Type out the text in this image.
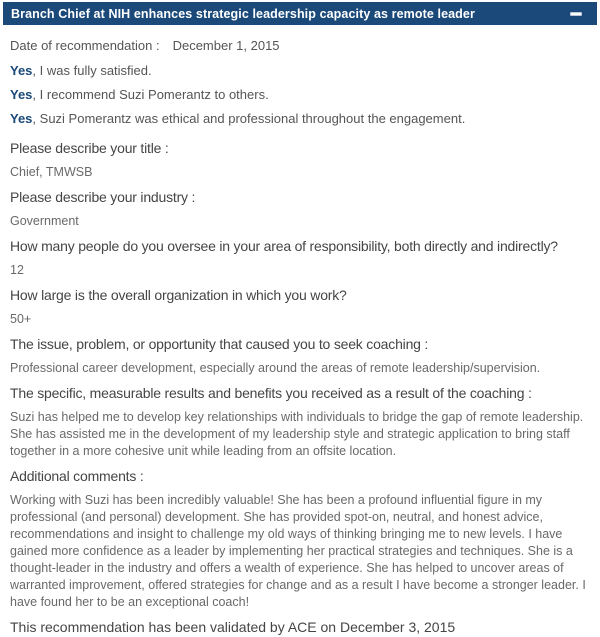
Branch Chief at NIH enhances strategic leadership capacity as remote leader

Date of recommendation : December 1, 2015

Yes, I was fully satisfied.

Yes, I recommend Suzi Pomerantz to others.

Yes, Suzi Pomerantz was ethical and professional throughout the engagement.

Please describe your title :

Chief, TMWSB

Please describe your industry :

Government

How many people do you oversee in your area of responsibility, both directly and indirectly?

12

How large is the overall organization in which you work?

50+

The issue, problem, or opportunity that caused you to seek coaching :

Professional career development, especially around the areas of remote leadership/supervision.

The specific, measurable results and benefits you received as a result of the coaching :

Suzi has helped me to develop key relationships with individuals to bridge the gap of remote leadership. She has assisted me in the development of my leadership style and strategic application to bring staff together in a more cohesive unit while leading from an offsite location.

Additional comments :

Working with Suzi has been incredibly valuable! She has been a profound influential figure in my professional (and personal) development. She has provided spot-on, neutral, and honest advice, recommendations and insight to challenge my old ways of thinking bringing me to new levels. I have gained more confidence as a leader by implementing her practical strategies and techniques. She is a thought-leader in the industry and offers a wealth of experience. She has helped to uncover areas of warranted improvement, offered strategies for change and as a result I have become a stronger leader. I have found her to be an exceptional coach!

This recommendation has been validated by ACE on December 3, 2015
